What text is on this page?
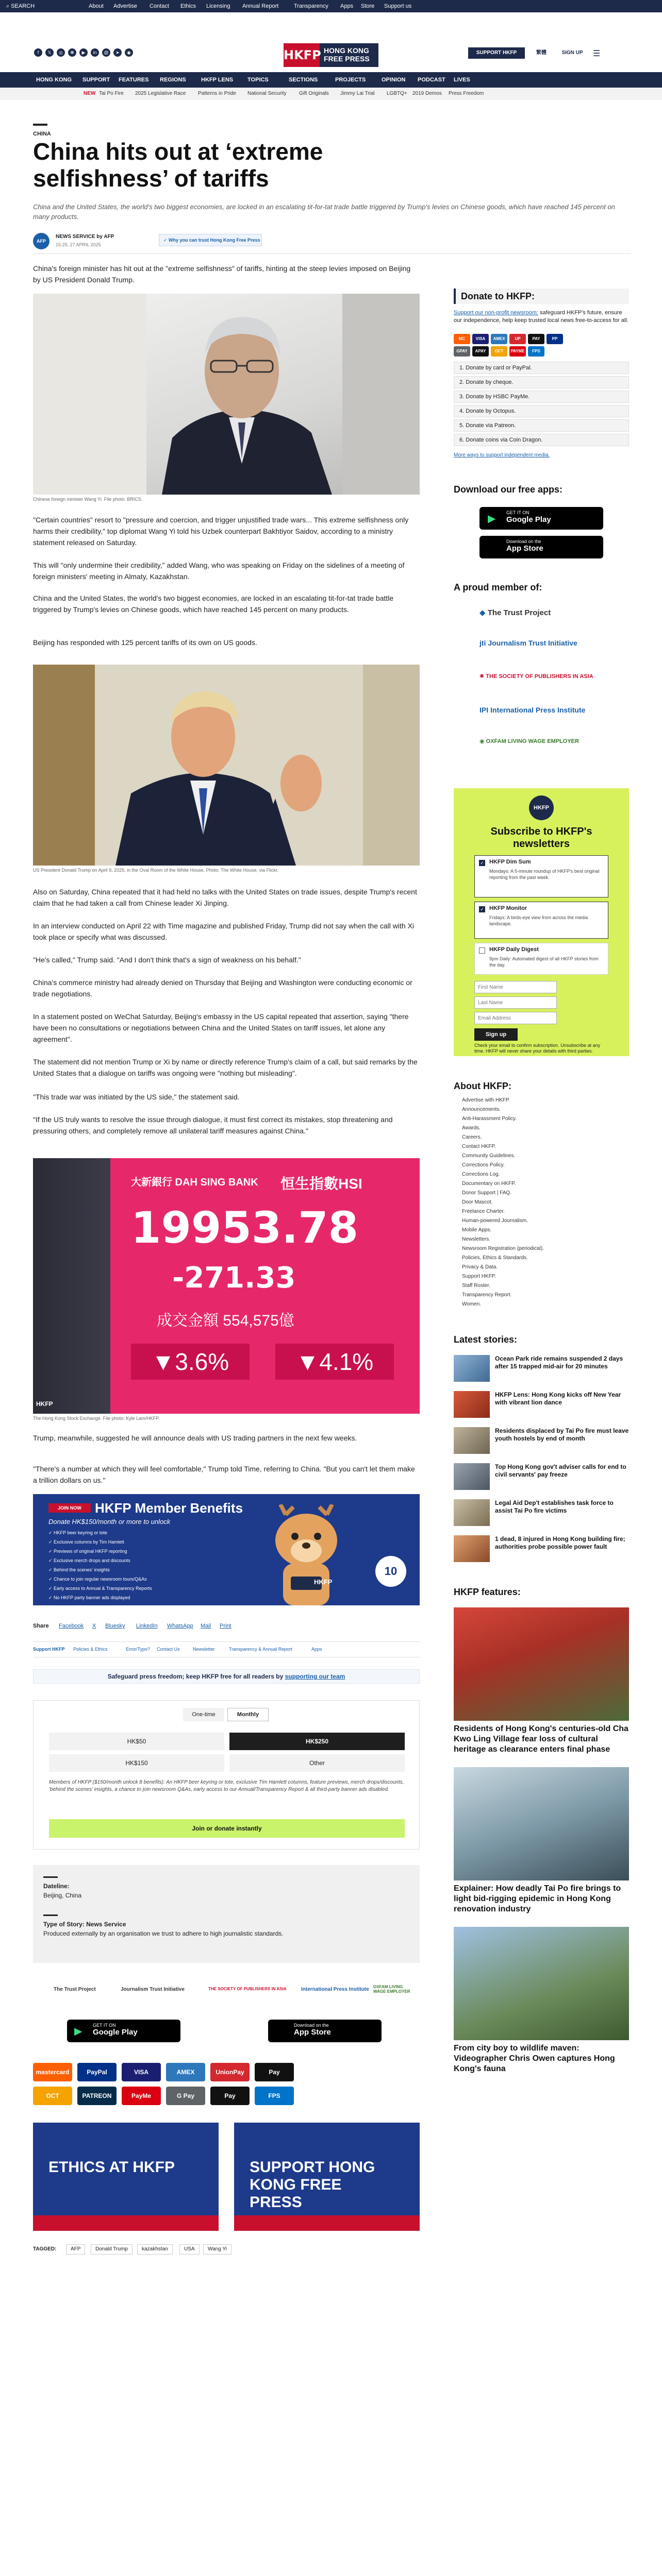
⌕ SEARCH	About Advertise Contact Ethics Licensing Annual Report	Transparency Apps Store Support us
f	𝕏	◎	❋	▶	in	@	➤	◉	HKFP HONG KONG
FREE PRESS
SUPPORT HKFP	繁體	SIGN UP	☰
HONG KONG SUPPORT FEATURES REGIONS	HKFP LENS	TOPICS	SECTIONS	PROJECTS	OPINION PODCAST LIVES
NEW Tai Po Fire 2025 Legislative Race Patterns in Pride National Security Gift Originals Jimmy Lai Trial LGBTQ+ 2019 Demos Press Freedom
CHINA
China hits out at ‘extreme selfishness’ of tariffs
China and the United States, the world's two biggest economies, are locked in an escalating tit-for-tat trade battle triggered by Trump's levies on Chinese goods, which have reached 145 percent on many products.
AFP
NEWS SERVICE by AFP
15:25, 27 APRIL 2025
✓ Why you can trust Hong Kong Free Press
China's foreign minister has hit out at the "extreme selfishness" of tariffs, hinting at the steep levies imposed on Beijing by US President Donald Trump.
Chinese foreign minister Wang Yi. File photo: BRICS.
"Certain countries" resort to "pressure and coercion, and trigger unjustified trade wars... This extreme selfishness only harms their credibility," top diplomat Wang Yi told his Uzbek counterpart Bakhtiyor Saidov, according to a ministry statement released on Saturday.
This will "only undermine their credibility," added Wang, who was speaking on Friday on the sidelines of a meeting of foreign ministers' meeting in Almaty, Kazakhstan.
China and the United States, the world's two biggest economies, are locked in an escalating tit-for-tat trade battle triggered by Trump's levies on Chinese goods, which have reached 145 percent on many products.
Beijing has responded with 125 percent tariffs of its own on US goods.
US President Donald Trump on April 9, 2025, in the Oval Room of the White House. Photo: The White House, via Flickr.
Also on Saturday, China repeated that it had held no talks with the United States on trade issues, despite Trump's recent claim that he had taken a call from Chinese leader Xi Jinping.
In an interview conducted on April 22 with Time magazine and published Friday, Trump did not say when the call with Xi took place or specify what was discussed.
"He's called," Trump said. "And I don't think that's a sign of weakness on his behalf."
China's commerce ministry had already denied on Thursday that Beijing and Washington were conducting economic or trade negotiations.
In a statement posted on WeChat Saturday, Beijing's embassy in the US capital repeated that assertion, saying "there have been no consultations or negotiations between China and the United States on tariff issues, let alone any agreement".
The statement did not mention Trump or Xi by name or directly reference Trump's claim of a call, but said remarks by the United States that a dialogue on tariffs was ongoing were "nothing but misleading".
"This trade war was initiated by the US side," the statement said.
"If the US truly wants to resolve the issue through dialogue, it must first correct its mistakes, stop threatening and pressuring others, and completely remove all unilateral tariff measures against China."
大新銀行 DAH SING BANK 恒生指數HSI
19953.78
-271.33
成交金額 554,575億
▼3.6%	▼4.1%
HKFP
The Hong Kong Stock Exchange. File photo: Kyle Lam/HKFP.
Trump, meanwhile, suggested he will announce deals with US trading partners in the next few weeks.
"There's a number at which they will feel comfortable," Trump told Time, referring to China. "But you can't let them make a trillion dollars on us."
JOIN NOW	HKFP Member Benefits
Donate HK$150/month or more to unlock
✓ HKFP beer keyring or tote
✓ Exclusive columns by Tim Hamlett
✓ Previews of original HKFP reporting
✓ Exclusive merch drops and discounts
✓ Behind the scenes' insights
✓ Chance to join regular newsroom tours/Q&As
✓ Early access to Annual & Transparency Reports
✓ No HKFP party banner ads displayed
HKFP
10
Share Facebook X Bluesky LinkedIn WhatsApp Mail Print
Support HKFP Policies & Ethics	Error/Typo? Contact Us	Newsletter	Transparency & Annual Report	Apps
Safeguard press freedom; keep HKFP free for all readers by supporting our team
One-time	Monthly
HK$50	HK$250
HK$150	Other
Members of HKFP ($150/month unlock 8 benefits): An HKFP beer keyring or tote, exclusive Tim Hamlett columns, feature previews, merch drops/discounts, 'behind the scenes' insights, a chance to join newsroom Q&As, early access to our Annual/Transparency Report & all third-party banner ads disabled.
Join or donate instantly
Dateline:
Beijing, China
Type of Story: News Service
Produced externally by an organisation we trust to adhere to high journalistic standards.
The Trust Project	Journalism Trust Initiative	THE SOCIETY OF PUBLISHERS IN ASIA	International Press Institute OXFAM LIVING WAGE EMPLOYER
GET IT ON
Google Play
▶
Download on the
App Store
mastercard	PayPal	VISA	AMEX	UnionPay	Pay
OCT	PATREON	PayMe	G Pay	Pay	FPS
ETHICS AT HKFP	SUPPORT HONG KONG FREE PRESS
TAGGED:	AFP	Donald Trump	kazakhstan	USA	Wang Yi
Donate to HKFP:
Support our non-profit newsroom: safeguard HKFP's future, ensure our independence, help keep trusted local news free-to-access for all.
MC	VISA	AMEX	UP	PAY	PP
GPAY	APAY	OCT	PAYME	FPS
1. Donate by card or PayPal.
2. Donate by cheque.
3. Donate by HSBC PayMe.
4. Donate by Octopus.
5. Donate via Patreon.
6. Donate coins via Coin Dragon.
More ways to support independent media.
Download our free apps:
GET IT ON
Google Play
▶
Download on the
App Store
A proud member of:
◆ The Trust Project
jti Journalism Trust Initiative
✺ THE SOCIETY OF PUBLISHERS IN ASIA
IPI International Press Institute
◉ OXFAM LIVING WAGE EMPLOYER
HKFP
Subscribe to HKFP's newsletters
✓ HKFP Dim Sum
Mondays: A 5-minute roundup of HKFP's best original reporting from the past week.
✓ HKFP Monitor
Fridays: A birds-eye view from across the media landscape.
HKFP Daily Digest
9pm Daily: Automated digest of all HKFP stories from the day.
First Name
Last Name
Email Address
Sign up
Check your email to confirm subscription. Unsubscribe at any time. HKFP will never share your details with third parties.
About HKFP:
Advertise with HKFP.
Announcements.
Anti-Harassment Policy.
Awards.
Careers.
Contact HKFP.
Community Guidelines.
Corrections Policy.
Corrections Log.
Documentary on HKFP.
Donor Support | FAQ.
Door Mascot.
Freelance Charter.
Human-powered Journalism.
Mobile Apps.
Newsletters.
Newsroom Registration (periodical).
Policies, Ethics & Standards.
Privacy & Data.
Support HKFP.
Staff Roster.
Transparency Report.
Women.
Latest stories:
Ocean Park ride remains suspended 2 days after 15 trapped mid-air for 20 minutes
HKFP Lens: Hong Kong kicks off New Year with vibrant lion dance
Residents displaced by Tai Po fire must leave youth hostels by end of month
Top Hong Kong gov't adviser calls for end to civil servants' pay freeze
Legal Aid Dep't establishes task force to assist Tai Po fire victims
1 dead, 8 injured in Hong Kong building fire; authorities probe possible power fault
HKFP features:
Residents of Hong Kong's centuries-old Cha Kwo Ling Village fear loss of cultural heritage as clearance enters final phase
Explainer: How deadly Tai Po fire brings to light bid-rigging epidemic in Hong Kong renovation industry
From city boy to wildlife maven: Videographer Chris Owen captures Hong Kong's fauna
